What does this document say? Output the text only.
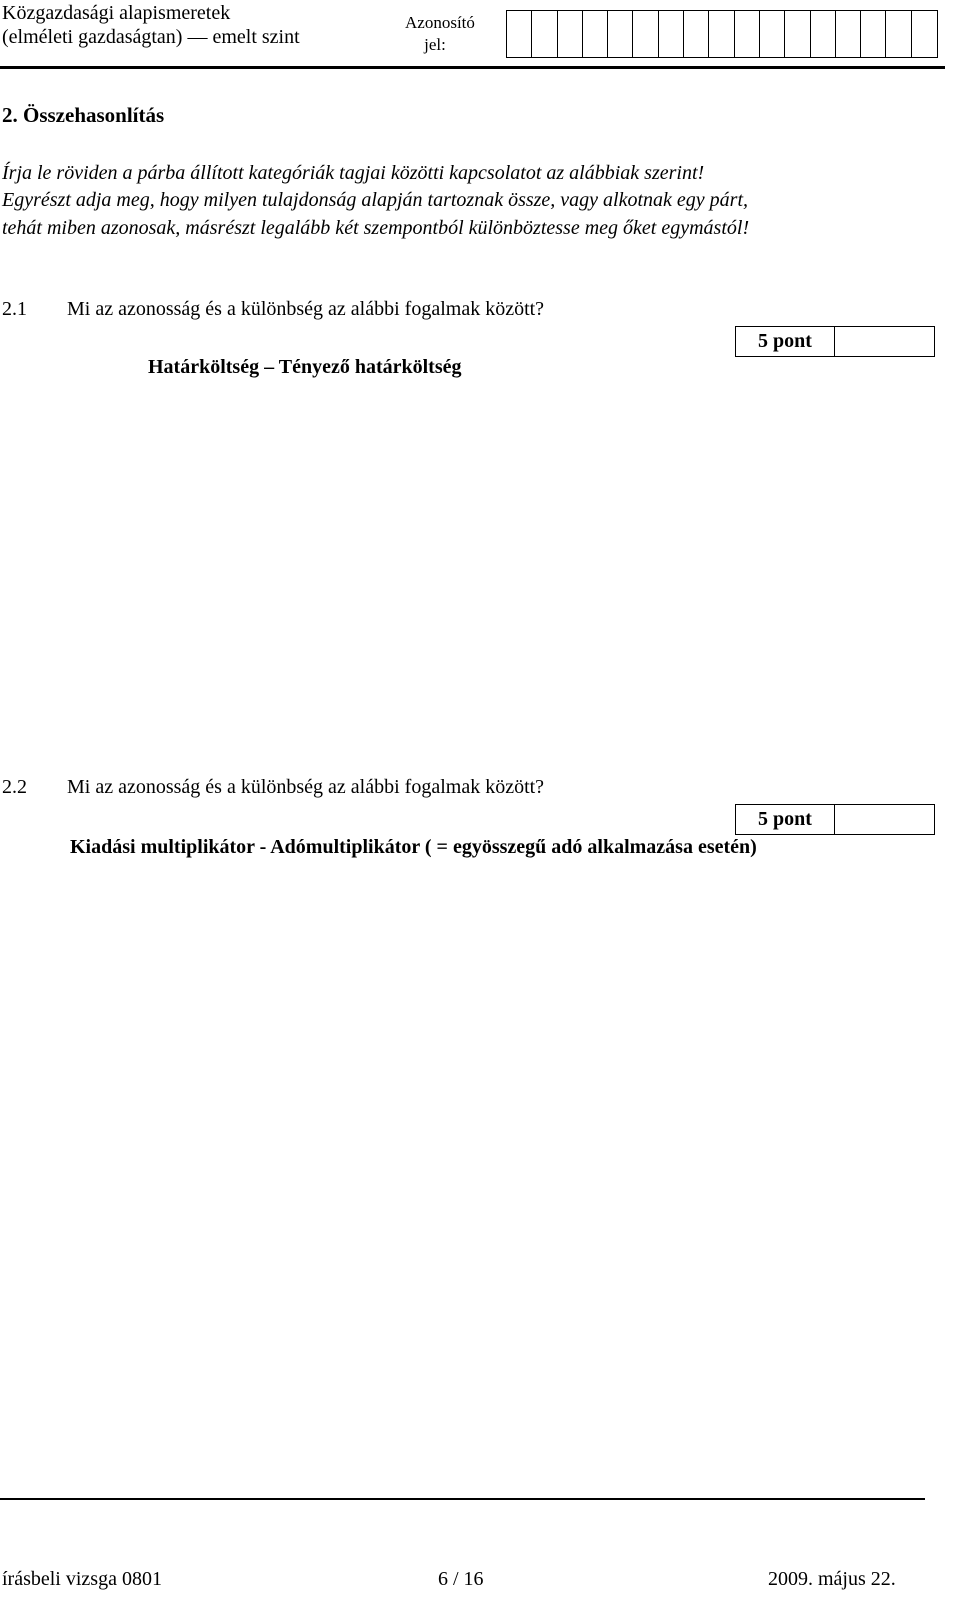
Közgazdasági alapismeretek
(elméleti gazdaságtan) — emelt szint
Azonosító
jel:
2. Összehasonlítás
Írja le röviden a párba állított kategóriák tagjai közötti kapcsolatot az alábbiak szerint!
Egyrészt adja meg, hogy milyen tulajdonság alapján tartoznak össze, vagy alkotnak egy párt,
tehát miben azonosak, másrészt legalább két szempontból különböztesse meg őket egymástól!
2.1 Mi az azonosság és a különbség az alábbi fogalmak között?
5 pont
Határköltség – Tényező határköltség
2.2 Mi az azonosság és a különbség az alábbi fogalmak között?
5 pont
Kiadási multiplikátor - Adómultiplikátor ( = egyösszegű adó alkalmazása esetén)
írásbeli vizsga 0801	6 / 16	2009. május 22.
